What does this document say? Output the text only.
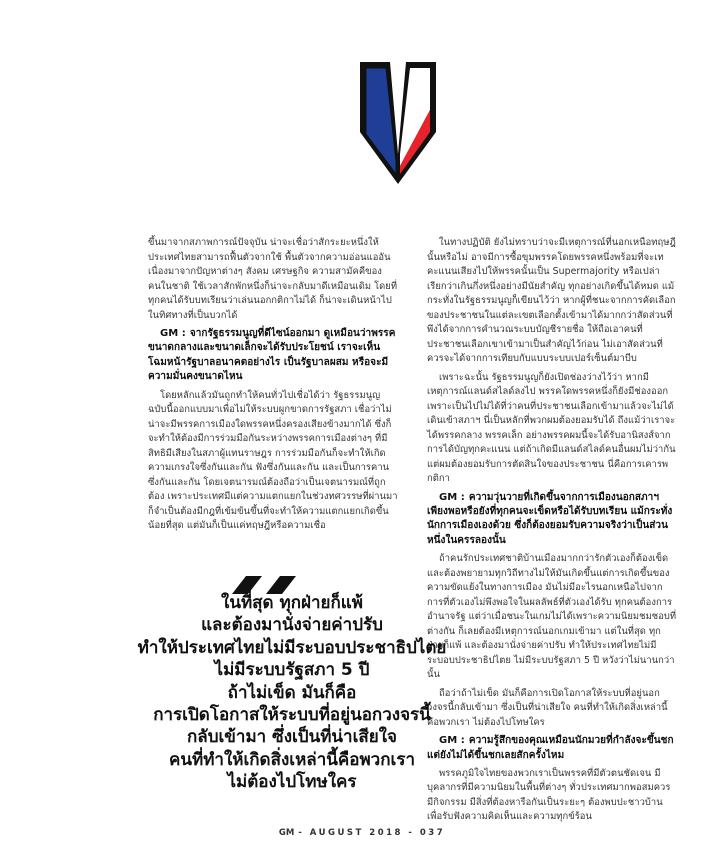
ขึ้นมาจากสภาพการณ์ปัจจุบัน น่าจะเชื่อว่าสักระยะหนึ่งให้ประเทศไทยสามารถฟื้นตัวจากใช้ พื้นตัวจากความอ่อนแออันเนื่องมาจากปัญหาต่างๆ สังคม เศรษฐกิจ ความสามัคคีของคนในชาติ ใช้เวลาสักพักหนึ่งก็น่าจะกลับมาดีเหมือนเดิม โดยที่ทุกคนได้รับบทเรียนว่าเล่นนอกกติกาไม่ได้ ก็น่าจะเดินหน้าไปในทิศทางที่เป็นบวกได้

GM : จากรัฐธรรมนูญที่ดีไซน์ออกมา ดูเหมือนว่าพรรคขนาดกลางและขนาดเล็กจะได้รับประโยชน์ เราจะเห็นโฉมหน้ารัฐบาลอนาคตอย่างไร เป็นรัฐบาลผสม หรือจะมีความมั่นคงขนาดไหน

โดยหลักแล้วมันถูกทำให้คนทั่วไปเชื่อได้ว่า รัฐธรรมนูญฉบับนี้ออกแบบมาเพื่อไม่ให้ระบบผูกขาดการรัฐสภา เชื่อว่าไม่น่าจะมีพรรคการเมืองใดพรรคหนึ่งครองเสียงข้างมากได้ ซึ่งก็จะทำให้ต้องมีการร่วมมือกันระหว่างพรรคการเมืองต่างๆ ที่มีสิทธิมีเสียงในสภาผู้แทนราษฎร การร่วมมือกันก็จะทำให้เกิดความเกรงใจซึ่งกันและกัน ฟังซึ่งกันและกัน และเป็นการคานซึ่งกันและกัน โดยเจตนารมณ์ต้องถือว่าเป็นเจตนารมณ์ที่ถูกต้อง เพราะประเทศมีแต่ความแตกแยกในช่วงทศวรรษที่ผ่านมา ก็จำเป็นต้องมีกฎที่เข้มข้นขึ้นที่จะทำให้ความแตกแยกเกิดขึ้นน้อยที่สุด แต่มันก็เป็นแค่ทฤษฎีหรือความเชื่อ

ในทางปฏิบัติ ยังไม่ทราบว่าจะมีเหตุการณ์ที่นอกเหนือทฤษฎีนั้นหรือไม่ อาจมีการซื้อขุมพรรคโดยพรรคหนึ่งพร้อมที่จะเทคะแนนเสียงไปให้พรรคนั้นเป็น Supermajority หรือเปล่า เรียกว่าเกินกึ่งหนึ่งอย่างมีนัยสำคัญ ทุกอย่างเกิดขึ้นได้หมด แม้กระทั่งในรัฐธรรมนูญก็เขียนไว้ว่า หากผู้ที่ชนะจากการคัดเลือกของประชาชนในแต่ละเขตเลือกตั้งเข้ามาได้มากกว่าสัดส่วนที่พึงได้จากการคำนวณระบบบัญชีรายชื่อ ให้ถือเอาคนที่ประชาชนเลือกเขาเข้ามาเป็นสำคัญไว้ก่อน ไม่เอาสัดส่วนที่ควรจะได้จากการเทียบกับแบบระบบเปอร์เซ็นต์มาบีบ

เพราะฉะนั้น รัฐธรรมนูญก็ยังเปิดช่องว่างไว้ว่า หากมีเหตุการณ์แลนด์สไลด์ลงไป พรรคใดพรรคหนึ่งก็ยังมีช่องออกเพราะเป็นไปไม่ได้ที่ว่าคนที่ประชาชนเลือกเข้ามาแล้วจะไม่ได้เดินเข้าสภาฯ นี่เป็นหลักที่พวกผมต้องยอมรับได้ ถึงแม้ว่าเราจะได้พรรคกลาง พรรคเล็ก อย่างพรรคผมนี้จะได้รับอานิสงส์จากการได้บัญทุกคะแนน แต่ถ้าเกิดมีแลนด์สไลด์คนอื่นผมไม่ว่ากัน แต่ผมต้องยอมรับการตัดสินใจของประชาชน นี่คือการเคารพกติกา

GM : ความวุ่นวายที่เกิดขึ้นจากการเมืองนอกสภาฯ เพียงพอหรือยังที่ทุกคนจะเข็ดหรือได้รับบทเรียน แม้กระทั่งนักการเมืองเองด้วย ซึ่งก็ต้องยอมรับความจริงว่าเป็นส่วนหนึ่งในครรลองนั้น

ถ้าคนรักประเทศชาติบ้านเมืองมากกว่ารักตัวเองก็ต้องเข็ด และต้องพยายามทุกวิถีทางไม่ให้มันเกิดขึ้นแต่การเกิดขึ้นของความขัดแย้งในทางการเมือง มันไม่มีอะไรนอกเหนือไปจากการที่ตัวเองไม่พึงพอใจในผลลัพธ์ที่ตัวเองได้รับ ทุกคนต้องการอำนาจรัฐ แต่ว่าเมื่อชนะในเกมไม่ได้เพราะความนิยมชมชอบที่ต่างกัน ก็เลยต้องมีเหตุการณ์นอกเกมเข้ามา แต่ในที่สุด ทุกฝ่ายก็แพ้ และต้องมานั่งจ่ายค่าปรับ ทำให้ประเทศไทยไม่มีระบอบประชาธิปไตย ไม่มีระบบรัฐสภา 5 ปี หวังว่าไม่นานกว่านั้น

ถือว่าถ้าไม่เข็ด มันก็คือการเปิดโอกาสให้ระบบที่อยู่นอกวงจรนี้กลับเข้ามา ซึ่งเป็นที่น่าเสียใจ คนที่ทำให้เกิดสิ่งเหล่านี้คือพวกเรา ไม่ต้องไปโทษใคร

GM : ความรู้สึกของคุณเหมือนนักมวยที่กำลังจะขึ้นชก แต่ยังไม่ได้ขึ้นชกเลยสักครั้งไหม

พรรคภูมิใจไทยของพวกเราเป็นพรรคที่มีตัวตนชัดเจน มีบุคลากรที่มีความนิยมในพื้นที่ต่างๆ ทั่วประเทศมากพอสมควร มีกิจกรรม มีสิ่งที่ต้องหารือกันเป็นระยะๆ ต้องพบปะชาวบ้านเพื่อรับฟังความคิดเห็นและความทุกข์ร้อน

ในที่สุด ทุกฝ่ายก็แพ้
และต้องมานั่งจ่ายค่าปรับ
ทำให้ประเทศไทยไม่มีระบอบประชาธิปไตย
ไม่มีระบบรัฐสภา 5 ปี
ถ้าไม่เข็ด มันก็คือ
การเปิดโอกาสให้ระบบที่อยู่นอกวงจรนี้
กลับเข้ามา ซึ่งเป็นที่น่าเสียใจ
คนที่ทำให้เกิดสิ่งเหล่านี้คือพวกเรา
ไม่ต้องไปโทษใคร
GM - AUGUST 2018 - 037
